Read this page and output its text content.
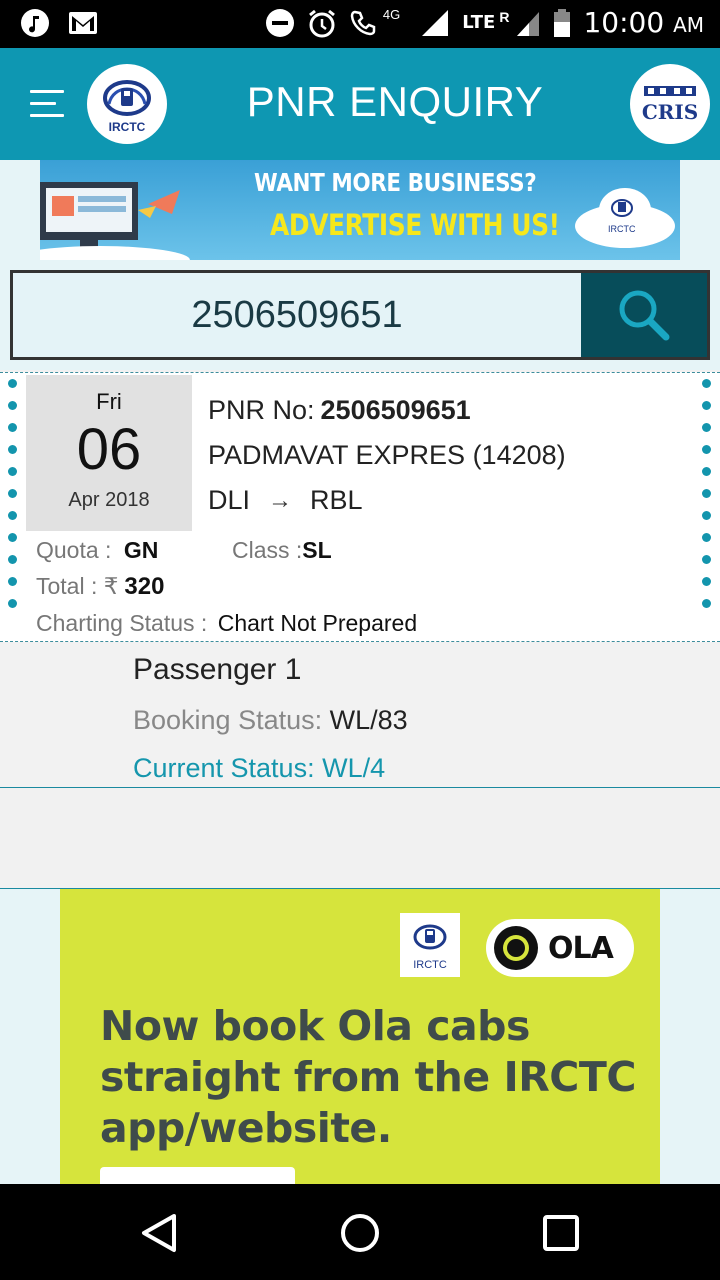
4G	LTE R	10:00 AM
IRCTC
PNR ENQUIRY	CRIS
WANT MORE BUSINESS?
ADVERTISE WITH US!	IRCTC
2506509651
Fri
06
Apr 2018
PNR No: 2506509651
PADMAVAT EXPRES (14208)
DLI → RBL
Quota : GN	Class :SL
Total : ₹ 320
Charting Status : Chart Not Prepared
Passenger 1
Booking Status: WL/83
Current Status: WL/4
IRCTC	OLA
Now book Ola cabs straight from the IRCTC app/website.
